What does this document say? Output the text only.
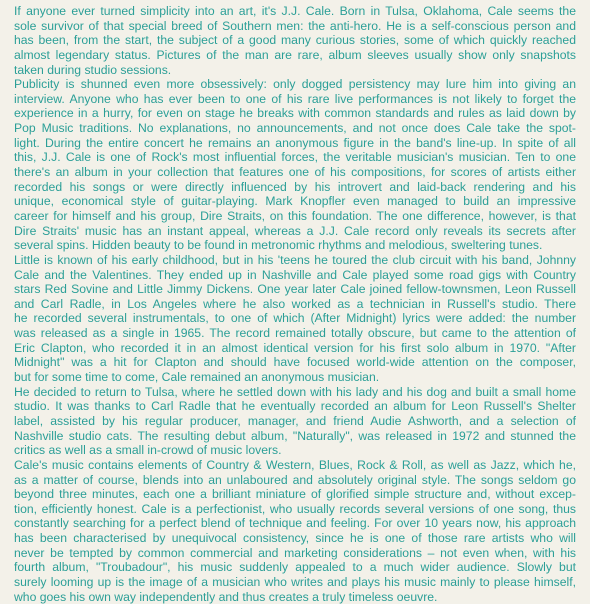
If anyone ever turned simplicity into an art, it's J.J. Cale. Born in Tulsa, Oklahoma, Cale seems the
sole survivor of that special breed of Southern men: the anti-hero. He is a self-conscious person and
has been, from the start, the subject of a good many curious stories, some of which quickly reached
almost legendary status. Pictures of the man are rare, album sleeves usually show only snapshots
taken during studio sessions.
Publicity is shunned even more obsessively: only dogged persistency may lure him into giving an
interview. Anyone who has ever been to one of his rare live performances is not likely to forget the
experience in a hurry, for even on stage he breaks with common standards and rules as laid down by
Pop Music traditions. No explanations, no announcements, and not once does Cale take the spot-
light. During the entire concert he remains an anonymous figure in the band's line-up. In spite of all
this, J.J. Cale is one of Rock's most influential forces, the veritable musician's musician. Ten to one
there's an album in your collection that features one of his compositions, for scores of artists either
recorded his songs or were directly influenced by his introvert and laid-back rendering and his
unique, economical style of guitar-playing. Mark Knopfler even managed to build an impressive
career for himself and his group, Dire Straits, on this foundation. The one difference, however, is that
Dire Straits' music has an instant appeal, whereas a J.J. Cale record only reveals its secrets after
several spins. Hidden beauty to be found in metronomic rhythms and melodious, sweltering tunes.
Little is known of his early childhood, but in his 'teens he toured the club circuit with his band, Johnny
Cale and the Valentines. They ended up in Nashville and Cale played some road gigs with Country
stars Red Sovine and Little Jimmy Dickens. One year later Cale joined fellow-townsmen, Leon Russell
and Carl Radle, in Los Angeles where he also worked as a technician in Russell's studio. There
he recorded several instrumentals, to one of which (After Midnight) lyrics were added: the number
was released as a single in 1965. The record remained totally obscure, but came to the attention of
Eric Clapton, who recorded it in an almost identical version for his first solo album in 1970. "After
Midnight" was a hit for Clapton and should have focused world-wide attention on the composer,
but for some time to come, Cale remained an anonymous musician.
He decided to return to Tulsa, where he settled down with his lady and his dog and built a small home
studio. It was thanks to Carl Radle that he eventually recorded an album for Leon Russell's Shelter
label, assisted by his regular producer, manager, and friend Audie Ashworth, and a selection of
Nashville studio cats. The resulting debut album, "Naturally", was released in 1972 and stunned the
critics as well as a small in-crowd of music lovers.
Cale's music contains elements of Country & Western, Blues, Rock & Roll, as well as Jazz, which he,
as a matter of course, blends into an unlaboured and absolutely original style. The songs seldom go
beyond three minutes, each one a brilliant miniature of glorified simple structure and, without excep-
tion, efficiently honest. Cale is a perfectionist, who usually records several versions of one song, thus
constantly searching for a perfect blend of technique and feeling. For over 10 years now, his approach
has been characterised by unequivocal consistency, since he is one of those rare artists who will
never be tempted by common commercial and marketing considerations – not even when, with his
fourth album, "Troubadour", his music suddenly appealed to a much wider audience. Slowly but
surely looming up is the image of a musician who writes and plays his music mainly to please himself,
who goes his own way independently and thus creates a truly timeless oeuvre.
